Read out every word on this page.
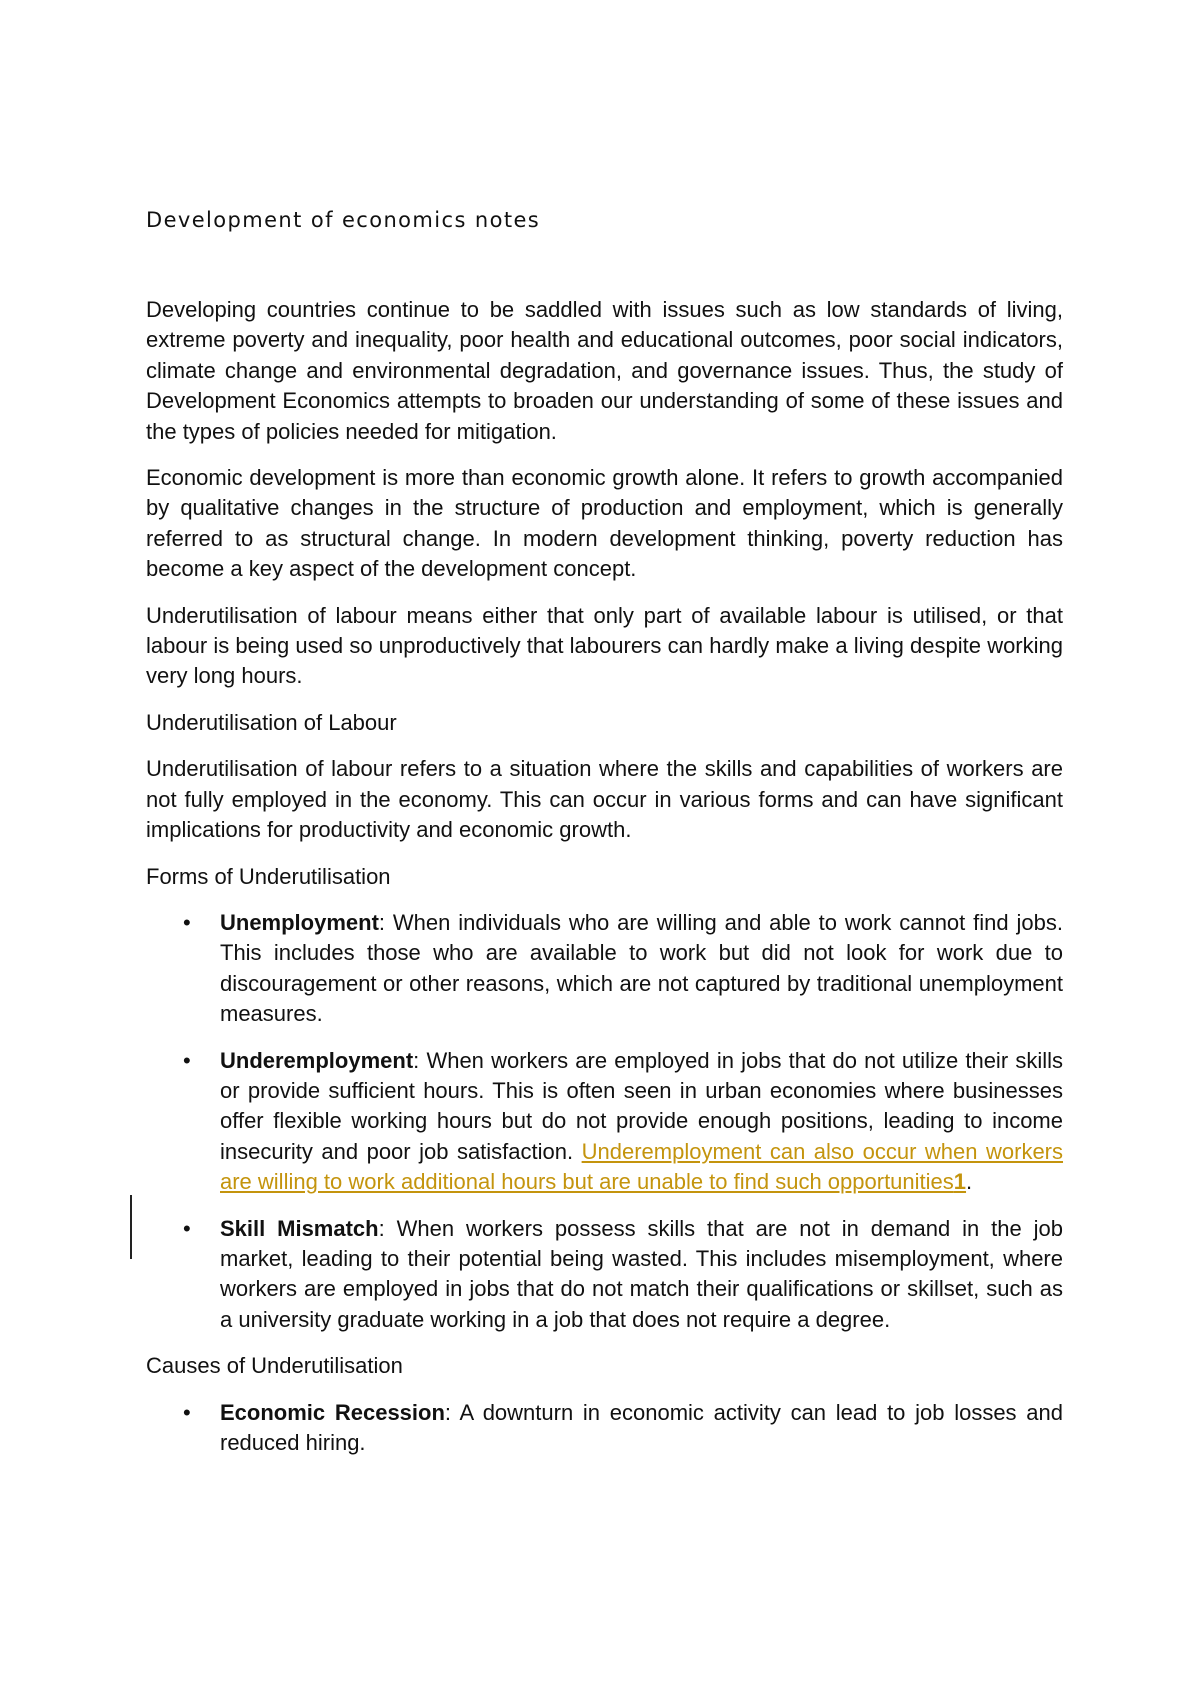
Development of economics notes

Developing countries continue to be saddled with issues such as low standards of living, extreme poverty and inequality, poor health and educational outcomes, poor social indicators, climate change and environmental degradation, and governance issues. Thus, the study of Development Economics attempts to broaden our understanding of some of these issues and the types of policies needed for mitigation.

Economic development is more than economic growth alone. It refers to growth accompanied by qualitative changes in the structure of production and employment, which is generally referred to as structural change. In modern development thinking, poverty reduction has become a key aspect of the development concept.

Underutilisation of labour means either that only part of available labour is utilised, or that labour is being used so unproductively that labourers can hardly make a living despite working very long hours.

Underutilisation of Labour

Underutilisation of labour refers to a situation where the skills and capabilities of workers are not fully employed in the economy. This can occur in various forms and can have significant implications for productivity and economic growth.

Forms of Underutilisation

• Unemployment: When individuals who are willing and able to work cannot find jobs. This includes those who are available to work but did not look for work due to discouragement or other reasons, which are not captured by traditional unemployment measures.
• Underemployment: When workers are employed in jobs that do not utilize their skills or provide sufficient hours. This is often seen in urban economies where businesses offer flexible working hours but do not provide enough positions, leading to income insecurity and poor job satisfaction. Underemployment can also occur when workers are willing to work additional hours but are unable to find such opportunities1.
• Skill Mismatch: When workers possess skills that are not in demand in the job market, leading to their potential being wasted. This includes misemployment, where workers are employed in jobs that do not match their qualifications or skillset, such as a university graduate working in a job that does not require a degree.

Causes of Underutilisation

• Economic Recession: A downturn in economic activity can lead to job losses and reduced hiring.
